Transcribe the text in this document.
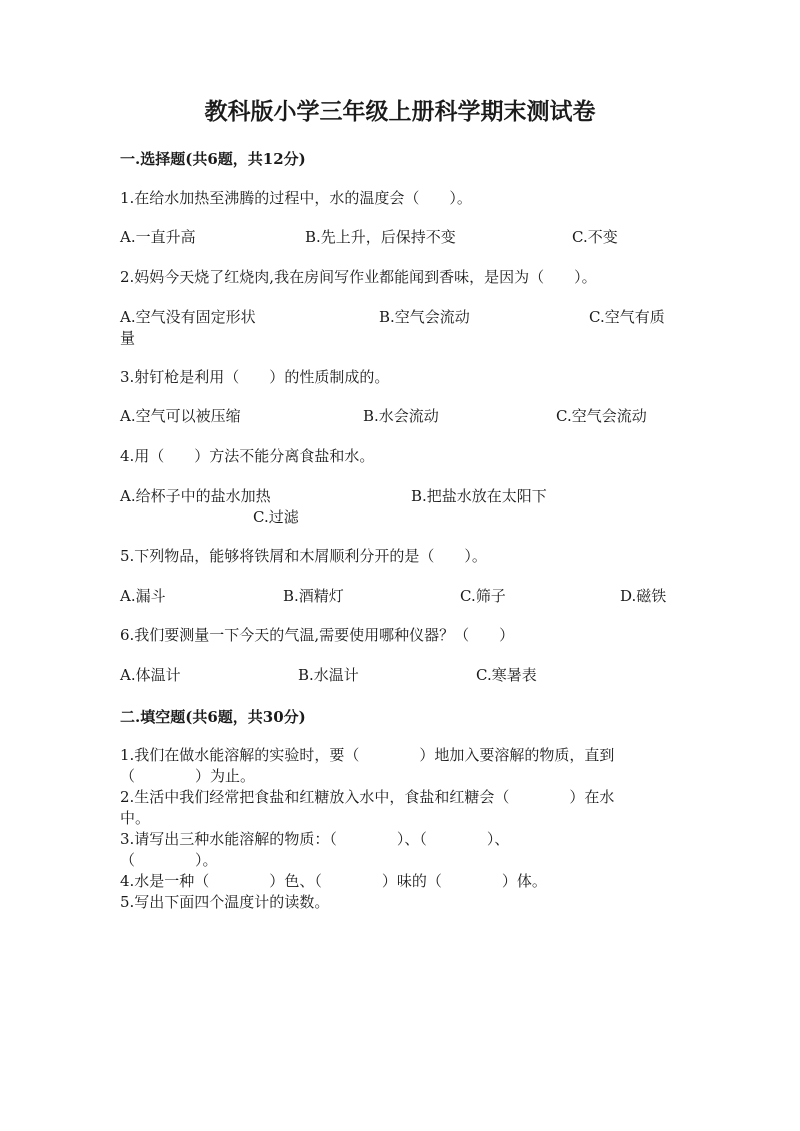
教科版小学三年级上册科学期末测试卷
一.选择题(共6题，共12分)
1.在给水加热至沸腾的过程中，水的温度会（　　）。
A.一直升高	B.先上升，后保持不变	C.不变
2.妈妈今天烧了红烧肉,我在房间写作业都能闻到香味，是因为（　　）。
A.空气没有固定形状	B.空气会流动	C.空气有质
量
3.射钉枪是利用（　　）的性质制成的。
A.空气可以被压缩	B.水会流动	C.空气会流动
4.用（　　）方法不能分离食盐和水。
A.给杯子中的盐水加热	B.把盐水放在太阳下
C.过滤
5.下列物品，能够将铁屑和木屑顺利分开的是（　　）。
A.漏斗	B.酒精灯	C.筛子	D.磁铁
6.我们要测量一下今天的气温,需要使用哪种仪器？（　　）
A.体温计	B.水温计	C.寒暑表
二.填空题(共6题，共30分)
1.我们在做水能溶解的实验时，要（　　　　）地加入要溶解的物质，直到
（　　　　）为止。
2.生活中我们经常把食盐和红糖放入水中，食盐和红糖会（　　　　）在水
中。
3.请写出三种水能溶解的物质：（　　　　）、（　　　　）、
（　　　　）。
4.水是一种（　　　　）色、（　　　　）味的（　　　　）体。
5.写出下面四个温度计的读数。
